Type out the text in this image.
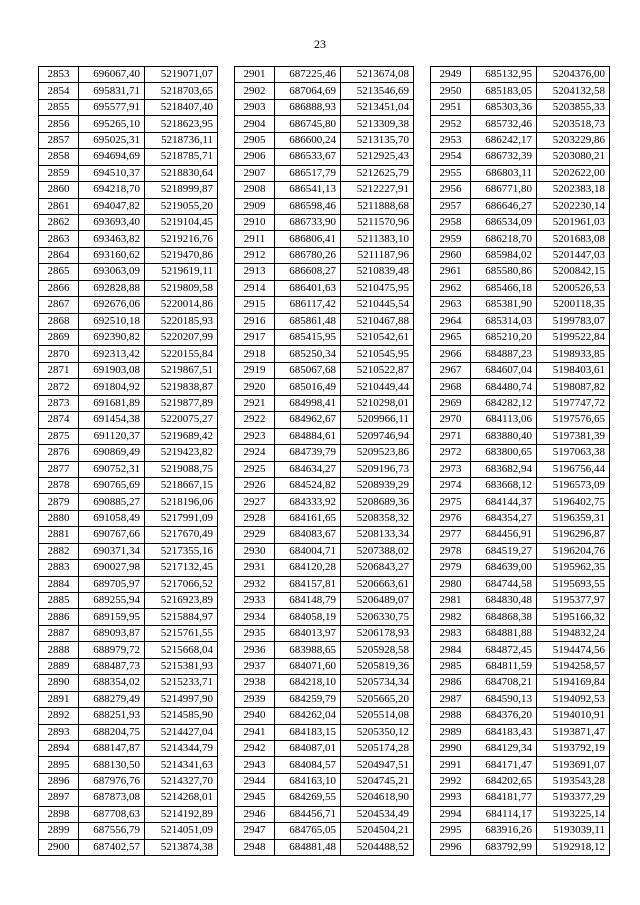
23
2853	696067,40	5219071,07
2854	695831,71	5218703,65
2855	695577,91	5218407,40
2856	695265,10	5218623,95
2857	695025,31	5218736,11
2858	694694,69	5218785,71
2859	694510,37	5218830,64
2860	694218,70	5218999,87
2861	694047,82	5219055,20
2862	693693,40	5219104,45
2863	693463,82	5219216,76
2864	693160,62	5219470,86
2865	693063,09	5219619,11
2866	692828,88	5219809,58
2867	692676,06	5220014,86
2868	692510,18	5220185,93
2869	692390,82	5220207,99
2870	692313,42	5220155,84
2871	691903,08	5219867,51
2872	691804,92	5219838,87
2873	691681,89	5219877,89
2874	691454,38	5220075,27
2875	691120,37	5219689,42
2876	690869,49	5219423,82
2877	690752,31	5219088,75
2878	690765,69	5218667,15
2879	690885,27	5218196,06
2880	691058,49	5217991,09
2881	690767,66	5217670,49
2882	690371,34	5217355,16
2883	690027,98	5217132,45
2884	689705,97	5217066,52
2885	689255,94	5216923,89
2886	689159,95	5215884,97
2887	689093,87	5215761,55
2888	688979,72	5215668,04
2889	688487,73	5215381,93
2890	688354,02	5215233,71
2891	688279,49	5214997,90
2892	688251,93	5214585,90
2893	688204,75	5214427,04
2894	688147,87	5214344,79
2895	688130,50	5214341,63
2896	687976,76	5214327,70
2897	687873,08	5214268,01
2898	687708,63	5214192,89
2899	687556,79	5214051,09
2900	687402,57	5213874,38
2901	687225,46	5213674,08
2902	687064,69	5213546,69
2903	686888,93	5213451,04
2904	686745,80	5213309,38
2905	686600,24	5213135,70
2906	686533,67	5212925,43
2907	686517,79	5212625,79
2908	686541,13	5212227,91
2909	686598,46	5211888,68
2910	686733,90	5211570,96
2911	686806,41	5211383,10
2912	686780,26	5211187,96
2913	686608,27	5210839,48
2914	686401,63	5210475,95
2915	686117,42	5210445,54
2916	685861,48	5210467,88
2917	685415,95	5210542,61
2918	685250,34	5210545,95
2919	685067,68	5210522,87
2920	685016,49	5210449,44
2921	684998,41	5210298,01
2922	684962,67	5209966,11
2923	684884,61	5209746,94
2924	684739,79	5209523,86
2925	684634,27	5209196,73
2926	684524,82	5208939,29
2927	684333,92	5208689,36
2928	684161,65	5208358,32
2929	684083,67	5208133,34
2930	684004,71	5207388,02
2931	684120,28	5206843,27
2932	684157,81	5206663,61
2933	684148,79	5206489,07
2934	684058,19	5206330,75
2935	684013,97	5206178,93
2936	683988,65	5205928,58
2937	684071,60	5205819,36
2938	684218,10	5205734,34
2939	684259,79	5205665,20
2940	684262,04	5205514,08
2941	684183,15	5205350,12
2942	684087,01	5205174,28
2943	684084,57	5204947,51
2944	684163,10	5204745,21
2945	684269,55	5204618,90
2946	684456,71	5204534,49
2947	684765,05	5204504,21
2948	684881,48	5204488,52
2949	685132,95	5204376,00
2950	685183,05	5204132,58
2951	685303,36	5203855,33
2952	685732,46	5203518,73
2953	686242,17	5203229,86
2954	686732,39	5203080,21
2955	686803,11	5202622,00
2956	686771,80	5202383,18
2957	686646,27	5202230,14
2958	686534,09	5201961,03
2959	686218,70	5201683,08
2960	685984,02	5201447,03
2961	685580,86	5200842,15
2962	685466,18	5200526,53
2963	685381,90	5200118,35
2964	685314,03	5199783,07
2965	685210,20	5199522,84
2966	684887,23	5198933,85
2967	684607,04	5198403,61
2968	684480,74	5198087,82
2969	684282,12	5197747,72
2970	684113,06	5197576,65
2971	683880,40	5197381,39
2972	683800,65	5197063,38
2973	683682,94	5196756,44
2974	683668,12	5196573,09
2975	684144,37	5196402,75
2976	684354,27	5196359,31
2977	684456,91	5196296,87
2978	684519,27	5196204,76
2979	684639,00	5195962,35
2980	684744,58	5195693,55
2981	684830,48	5195377,97
2982	684868,38	5195166,32
2983	684881,88	5194832,24
2984	684872,45	5194474,56
2985	684811,59	5194258,57
2986	684708,21	5194169,84
2987	684590,13	5194092,53
2988	684376,20	5194010,91
2989	684183,43	5193871,47
2990	684129,34	5193792,19
2991	684171,47	5193691,07
2992	684202,65	5193543,28
2993	684181,77	5193377,29
2994	684114,17	5193225,14
2995	683916,26	5193039,11
2996	683792,99	5192918,12
